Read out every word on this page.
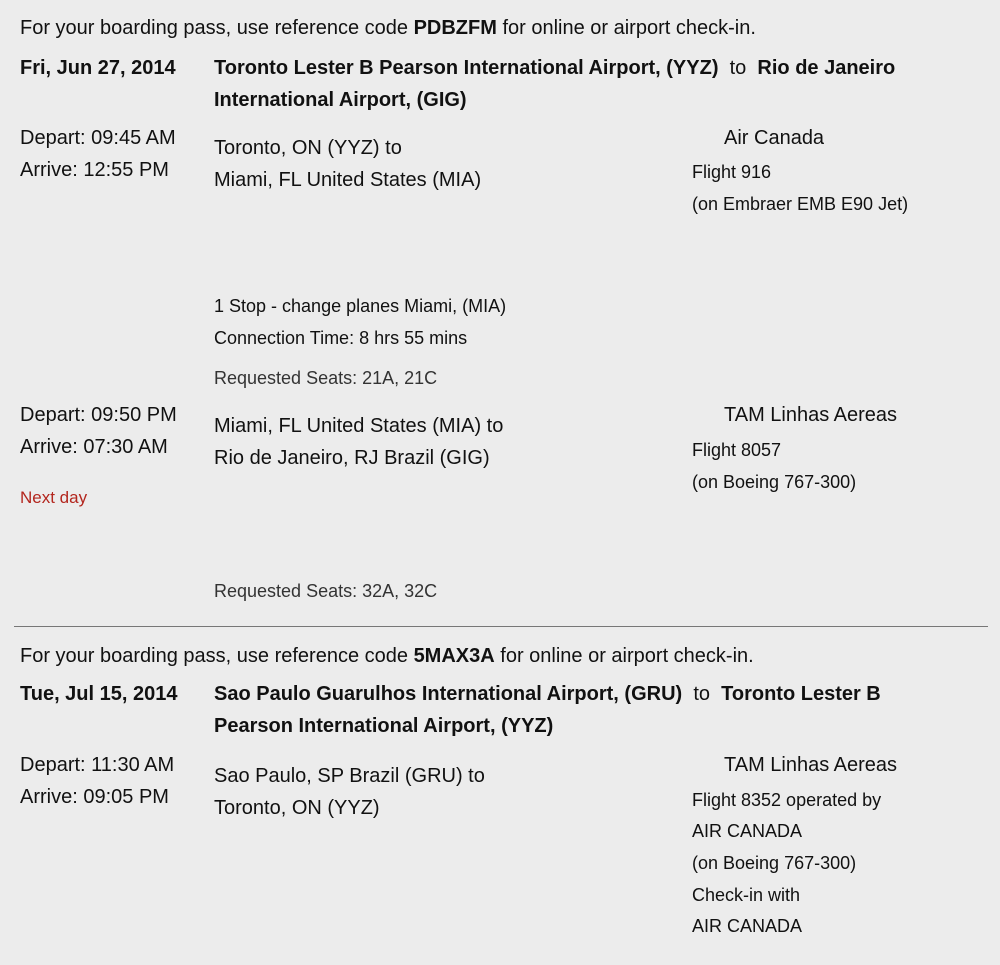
For your boarding pass, use reference code PDBZFM for online or airport check-in.
Fri, Jun 27, 2014 Toronto Lester B Pearson International Airport, (YYZ) to Rio de Janeiro
International Airport, (GIG)
Depart: 09:45 AM
Arrive: 12:55 PM
Toronto, ON (YYZ) to
Miami, FL United States (MIA)
Air Canada
Flight 916
(on Embraer EMB E90 Jet)
1 Stop - change planes Miami, (MIA)
Connection Time: 8 hrs 55 mins
Requested Seats: 21A, 21C
Depart: 09:50 PM
Arrive: 07:30 AM
Next day
Miami, FL United States (MIA) to
Rio de Janeiro, RJ Brazil (GIG)
TAM Linhas Aereas
Flight 8057
(on Boeing 767-300)
Requested Seats: 32A, 32C
For your boarding pass, use reference code 5MAX3A for online or airport check-in.
Tue, Jul 15, 2014 Sao Paulo Guarulhos International Airport, (GRU) to Toronto Lester B
Pearson International Airport, (YYZ)
Depart: 11:30 AM
Arrive: 09:05 PM
Sao Paulo, SP Brazil (GRU) to
Toronto, ON (YYZ)
TAM Linhas Aereas
Flight 8352 operated by
AIR CANADA
(on Boeing 767-300)
Check-in with
AIR CANADA
